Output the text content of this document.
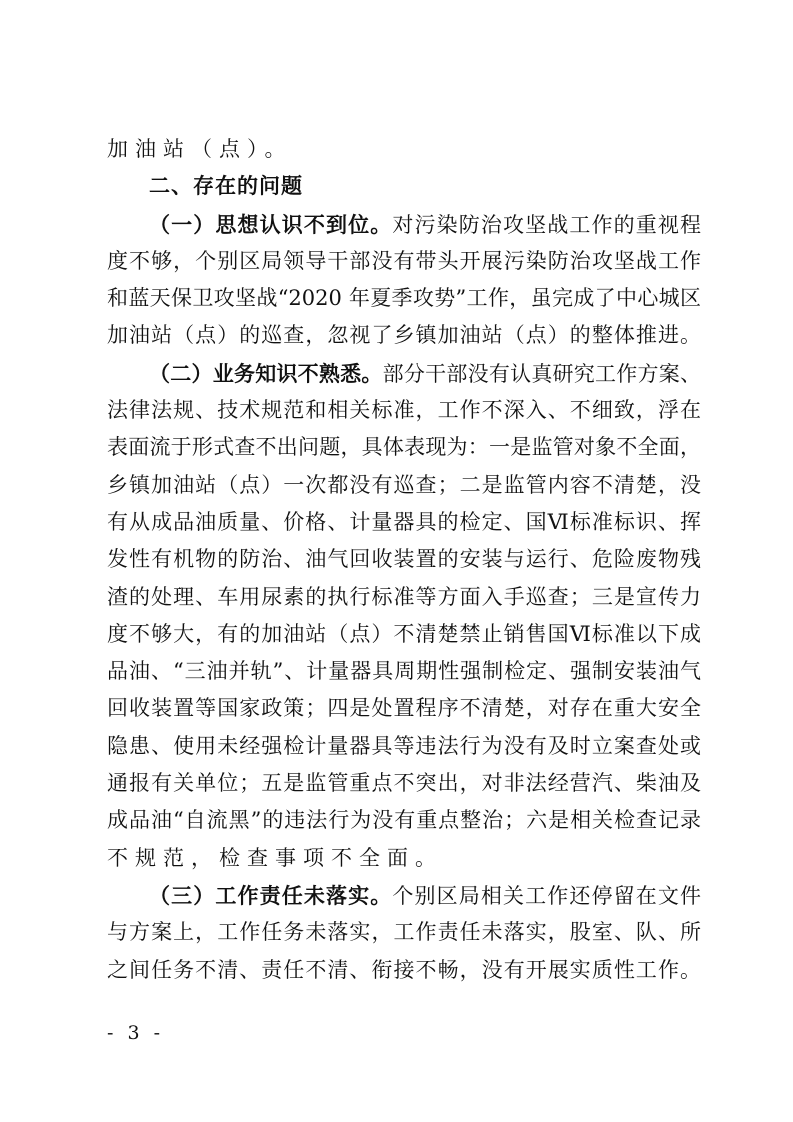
加油站（点）。
二、存在的问题
（一）思想认识不到位。对污染防治攻坚战工作的重视程
度不够，个别区局领导干部没有带头开展污染防治攻坚战工作
和蓝天保卫攻坚战“2020 年夏季攻势”工作，虽完成了中心城区
加油站（点）的巡查，忽视了乡镇加油站（点）的整体推进。
（二）业务知识不熟悉。部分干部没有认真研究工作方案、
法律法规、技术规范和相关标准，工作不深入、不细致，浮在
表面流于形式查不出问题，具体表现为：一是监管对象不全面，
乡镇加油站（点）一次都没有巡查；二是监管内容不清楚，没
有从成品油质量、价格、计量器具的检定、国Ⅵ标准标识、挥
发性有机物的防治、油气回收装置的安装与运行、危险废物残
渣的处理、车用尿素的执行标准等方面入手巡查；三是宣传力
度不够大，有的加油站（点）不清楚禁止销售国Ⅵ标准以下成
品油、“三油并轨”、计量器具周期性强制检定、强制安装油气
回收装置等国家政策；四是处置程序不清楚，对存在重大安全
隐患、使用未经强检计量器具等违法行为没有及时立案查处或
通报有关单位；五是监管重点不突出，对非法经营汽、柴油及
成品油“自流黑”的违法行为没有重点整治；六是相关检查记录
不规范，检查事项不全面。
（三）工作责任未落实。个别区局相关工作还停留在文件
与方案上，工作任务未落实，工作责任未落实，股室、队、所
之间任务不清、责任不清、衔接不畅，没有开展实质性工作。
- 3 -
